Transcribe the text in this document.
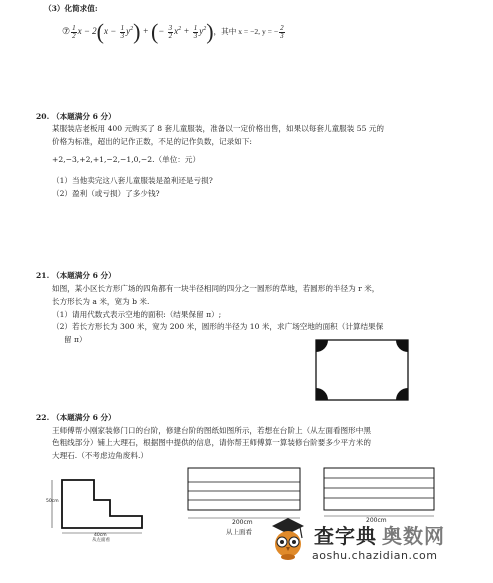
（3）化简求值:
⑦ $\frac{1}{2}$ $x - 2(x - \frac{1}{3} y^2)$ + (− $\frac{3}{2} x^2 + \frac{1}{3} y^2$)，其中 x = −2, y = − $\frac{2}{3}$
20. （本题满分 6 分）
某服装店老板用 400 元购买了 8 套儿童服装，准备以一定价格出售，如果以每套儿童服装 55 元的
价格为标准，超出的记作正数，不足的记作负数，记录如下:
+2,−3,+2,+1,−2,−1,0,−2.（单位：元）
（1）当他卖完这八套儿童服装是盈利还是亏损?
（2）盈利（或亏损）了多少钱?
21. （本题满分 6 分）
如图，某小区长方形广场的四角都有一块半径相同的四分之一圆形的草地，若圆形的半径为 r 米，
长方形长为 a 米，宽为 b 米.
（1）请用代数式表示空地的面积:（结果保留 π）;
（2）若长方形长为 300 米，宽为 200 米，圆形的半径为 10 米，求广场空地的面积（计算结果保
留 π）
22. （本题满分 6 分）
王师傅帮小刚家装修门口的台阶，修建台阶的图纸如图所示，若想在台阶上（从左面看图形中黑
色粗线部分）铺上大理石，根据图中提供的信息，请你帮王师傅算一算装修台阶要多少平方米的
大理石.（不考虑边角废料.）
50cm
40cm
从左面看
200cm
从上面看
200cm
查字典 奥数网
aoshu.chazidian.com
